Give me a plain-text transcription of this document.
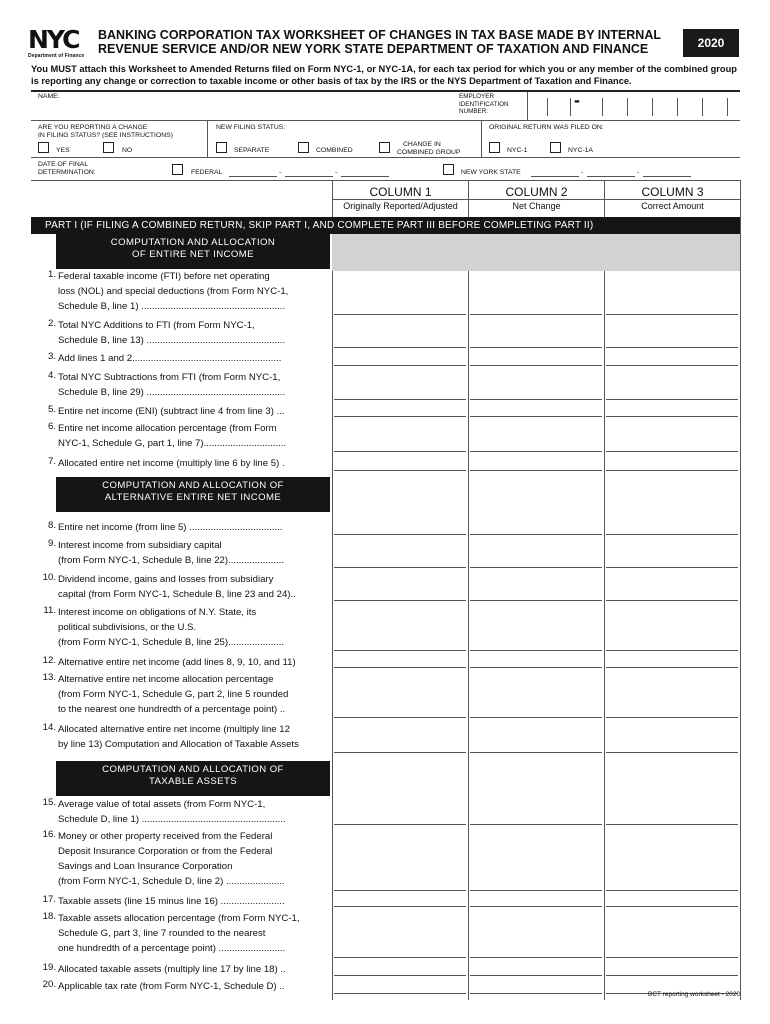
NYC
Department of Finance
BANKING CORPORATION TAX WORKSHEET OF CHANGES IN TAX BASE MADE BY INTERNAL
REVENUE SERVICE AND/OR NEW YORK STATE DEPARTMENT OF TAXATION AND FINANCE	2020
You MUST attach this Worksheet to Amended Returns filed on Form NYC-1, or NYC-1A, for each tax period for which you or any member of the combined group is reporting any change or correction to taxable income or other basis of tax by the IRS or the NYS Department of Taxation and Finance.
NAME:	EMPLOYER
IDENTIFICATION
NUMBER:
-
ARE YOU REPORTING A CHANGE
IN FILING STATUS? (SEE INSTRUCTIONS)
YES	NO
NEW FILING STATUS:
SEPARATE	COMBINED
CHANGE IN
COMBINED GROUP
ORIGINAL RETURN WAS FILED ON:
NYC-1	NYC-1A
DATE OF FINAL
DETERMINATION:	FEDERAL	-	-	NEW YORK STATE	-	-
COLUMN 1
Originally Reported/Adjusted
COLUMN 2
Net Change
COLUMN 3
Correct Amount
PART I (IF FILING A COMBINED RETURN, SKIP PART I, AND COMPLETE PART III BEFORE COMPLETING PART II)
COMPUTATION AND ALLOCATION
OF ENTIRE NET INCOME
COMPUTATION AND ALLOCATION OF
ALTERNATIVE ENTIRE NET INCOME
COMPUTATION AND ALLOCATION OF
TAXABLE ASSETS
1. Federal taxable income (FTI) before net operating
loss (NOL) and special deductions (from Form NYC-1,
Schedule B, line 1) ......................................................
2. Total NYC Additions to FTI (from Form NYC-1,
Schedule B, line 13) ....................................................
3. Add lines 1 and 2........................................................
4. Total NYC Subtractions from FTI (from Form NYC-1,
Schedule B, line 29) ....................................................
5. Entire net income (ENI) (subtract line 4 from line 3) ...
6. Entire net income allocation percentage (from Form
NYC-1, Schedule G, part 1, line 7)...............................
7. Allocated entire net income (multiply line 6 by line 5) .
8. Entire net income (from line 5) ...................................
9. Interest income from subsidiary capital
(from Form NYC-1, Schedule B, line 22).....................
10. Dividend income, gains and losses from subsidiary
capital (from Form NYC-1, Schedule B, line 23 and 24)..
11. Interest income on obligations of N.Y. State, its
political subdivisions, or the U.S.
(from Form NYC-1, Schedule B, line 25).....................
12. Alternative entire net income (add lines 8, 9, 10, and 11)
13. Alternative entire net income allocation percentage
(from Form NYC-1, Schedule G, part 2, line 5 rounded
to the nearest one hundredth of a percentage point) ..
14. Allocated alternative entire net income (multiply line 12
by line 13) Computation and Allocation of Taxable Assets
15. Average value of total assets (from Form NYC-1,
Schedule D, line 1) ......................................................
16. Money or other property received from the Federal
Deposit Insurance Corporation or from the Federal
Savings and Loan Insurance Corporation
(from Form NYC-1, Schedule D, line 2) ......................
17. Taxable assets (line 15 minus line 16) ........................
18. Taxable assets allocation percentage (from Form NYC-1,
Schedule G, part 3, line 7 rounded to the nearest
one hundredth of a percentage point) .........................
19. Allocated taxable assets (multiply line 17 by line 18) ..
20. Applicable tax rate (from Form NYC-1, Schedule D) ..
BCT reporting worksheet - 2020
